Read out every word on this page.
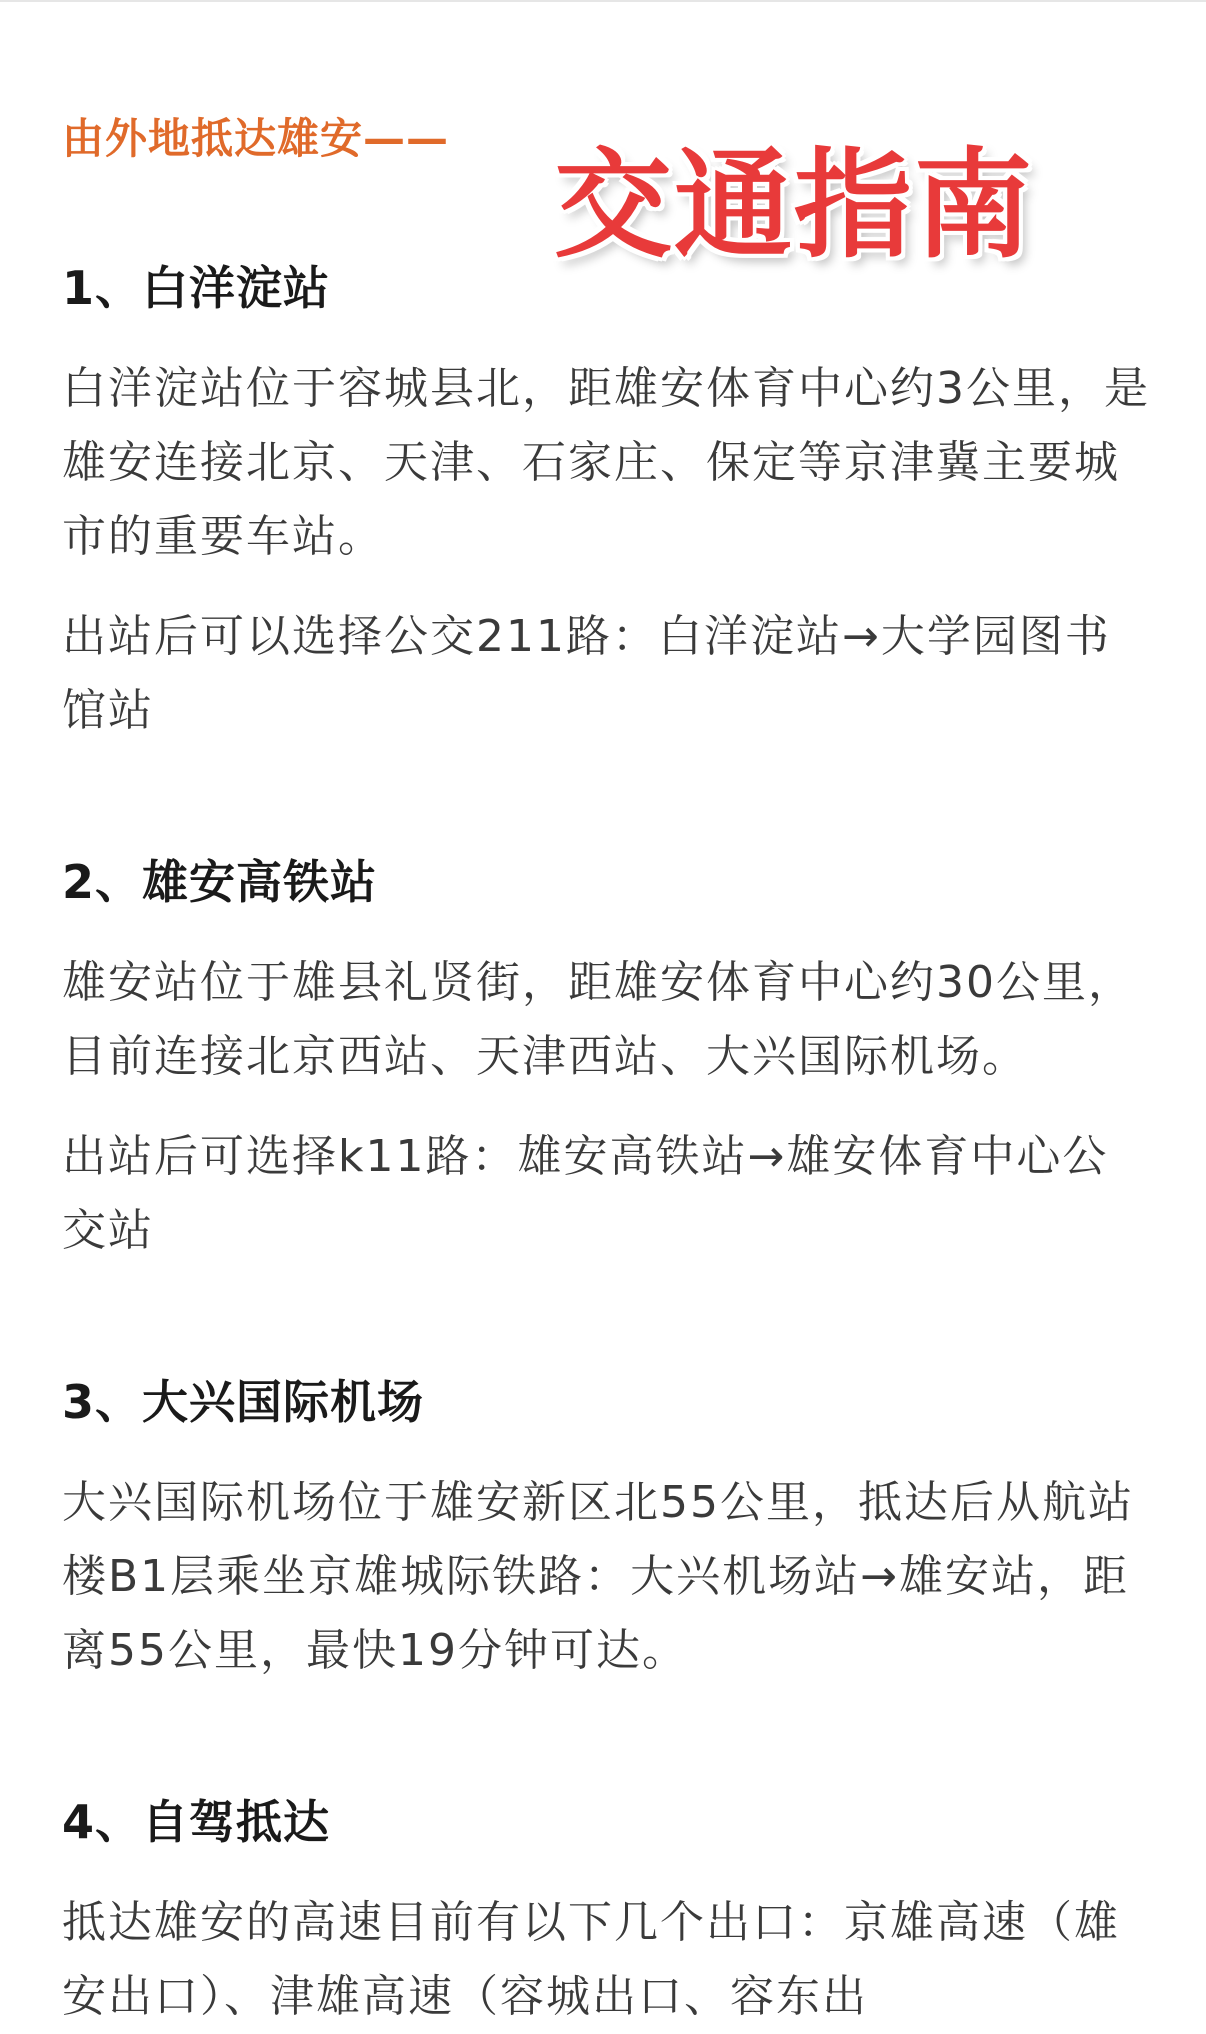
由外地抵达雄安—— 交通指南
1、白洋淀站

白洋淀站位于容城县北，距雄安体育中心约3公里，是雄安连接北京、天津、石家庄、保定等京津冀主要城市的重要车站。

出站后可以选择公交211路：白洋淀站→大学园图书馆站

2、雄安高铁站

雄安站位于雄县礼贤街，距雄安体育中心约30公里，目前连接北京西站、天津西站、大兴国际机场。

出站后可选择k11路：雄安高铁站→雄安体育中心公交站

3、大兴国际机场

大兴国际机场位于雄安新区北55公里，抵达后从航站楼B1层乘坐京雄城际铁路：大兴机场站→雄安站，距离55公里，最快19分钟可达。

4、自驾抵达

抵达雄安的高速目前有以下几个出口：京雄高速（雄安出口）、津雄高速（容城出口、容东出
